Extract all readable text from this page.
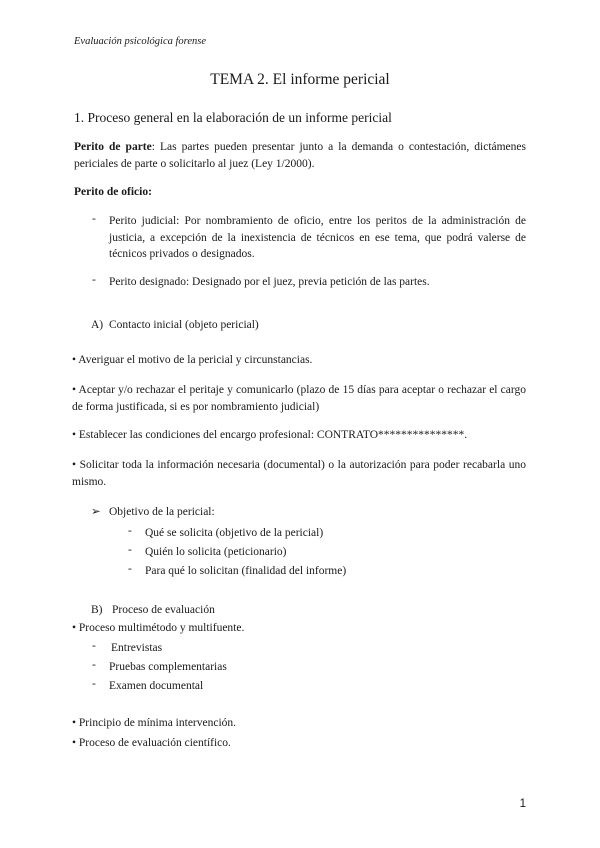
Evaluación psicológica forense
TEMA 2. El informe pericial
1. Proceso general en la elaboración de un informe pericial
Perito de parte: Las partes pueden presentar junto a la demanda o contestación, dictámenes periciales de parte o solicitarlo al juez (Ley 1/2000).
Perito de oficio:
- Perito judicial: Por nombramiento de oficio, entre los peritos de la administración de justicia, a excepción de la inexistencia de técnicos en ese tema, que podrá valerse de técnicos privados o designados.
- Perito designado: Designado por el juez, previa petición de las partes.
A) Contacto inicial (objeto pericial)
• Averiguar el motivo de la pericial y circunstancias.
• Aceptar y/o rechazar el peritaje y comunicarlo (plazo de 15 días para aceptar o rechazar el cargo de forma justificada, si es por nombramiento judicial)
• Establecer las condiciones del encargo profesional: CONTRATO***************.
• Solicitar toda la información necesaria (documental) o la autorización para poder recabarla uno mismo.
➢ Objetivo de la pericial:
- Qué se solicita (objetivo de la pericial)
- Quién lo solicita (peticionario)
- Para qué lo solicitan (finalidad del informe)
B) Proceso de evaluación
• Proceso multimétodo y multifuente.
- Entrevistas
- Pruebas complementarias
- Examen documental
• Principio de mínima intervención.
• Proceso de evaluación científico.
1
